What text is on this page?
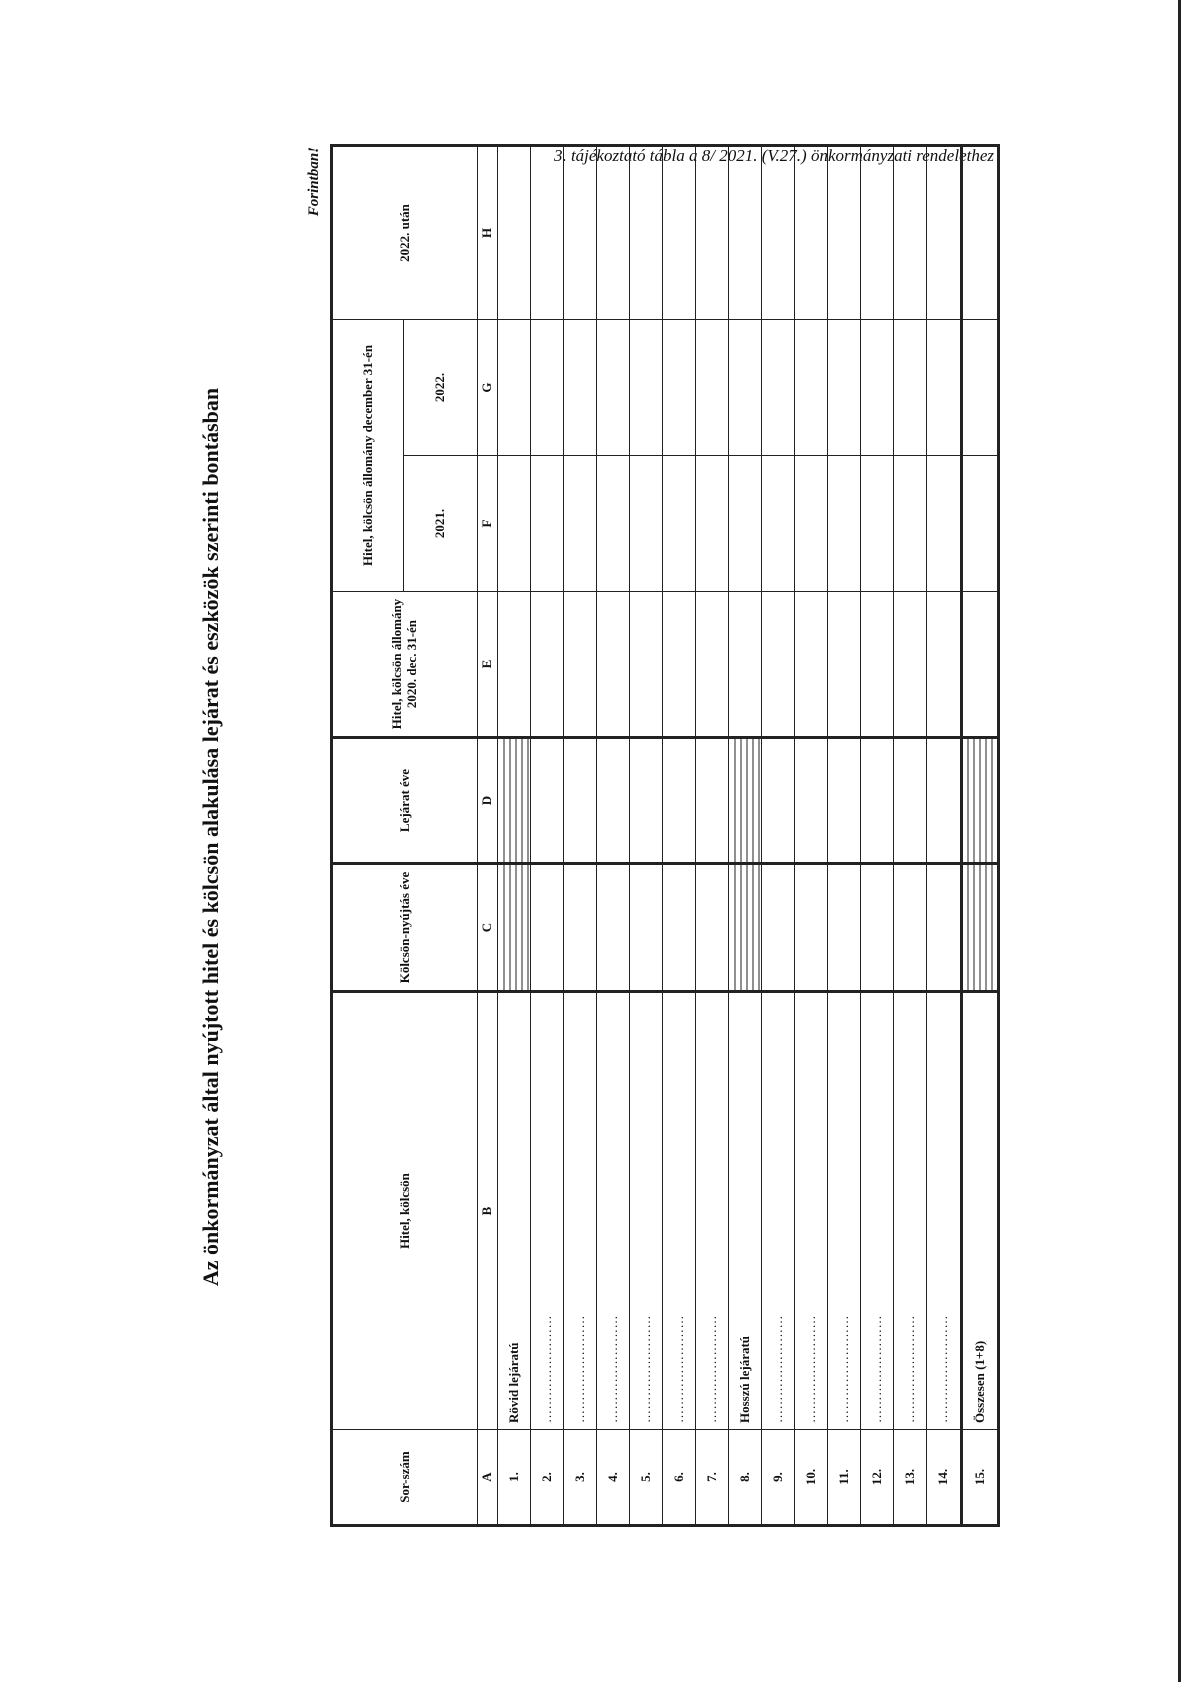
3. tájékoztató tábla a 8/ 2021. (V.27.) önkormányzati rendelethez
Az önkormányzat által nyújtott hitel és kölcsön alakulása lejárat és eszközök szerinti bontásban
Forintban!
Sor-szám	Hitel, kölcsön	Kölcsön-nyújtás éve	Lejárat éve	Hitel, kölcsön állomány 2020. dec. 31-én	Hitel, kölcsön állomány december 31-én		2022. után
					2021.	2022.	
A	B	C	D	E	F	G	H
1.	Rövid lejáratú						
2.	……………………						
3.	……………………						
4.	……………………						
5.	……………………						
6.	……………………						
7.	……………………						
8.	Hosszú lejáratú						
9.	……………………						
10.	……………………						
11.	……………………						
12.	……………………						
13.	……………………						
14.	……………………						
15.	Összesen (1+8)						
